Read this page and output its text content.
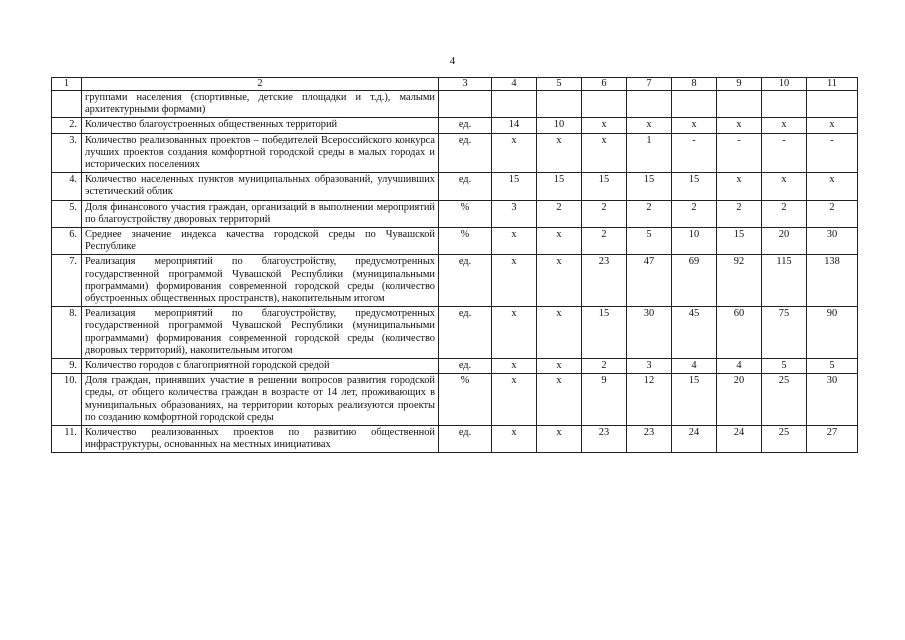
4
1	2	3	4	5	6	7	8	9	10	11
	группами населения (спортивные, детские площадки и т.д.), малыми архитектурными формами)									
2.	Количество благоустроенных общественных территорий	ед.	14	10	х	х	х	х	х	х
3.	Количество реализованных проектов – победителей Всероссийского конкурса лучших проектов создания комфортной городской среды в малых городах и исторических поселениях	ед.	х	х	х	1	-	-	-	-
4.	Количество населенных пунктов муниципальных образований, улучшивших эстетический облик	ед.	15	15	15	15	15	х	х	х
5.	Доля финансового участия граждан, организаций в выполнении мероприятий по благоустройству дворовых территорий	%	3	2	2	2	2	2	2	2
6.	Среднее значение индекса качества городской среды по Чувашской Республике	%	х	х	2	5	10	15	20	30
7.	Реализация мероприятий по благоустройству, предусмотренных государственной программой Чувашской Республики (муниципальными программами) формирования современной городской среды (количество обустроенных общественных пространств), накопительным итогом	ед.	х	х	23	47	69	92	115	138
8.	Реализация мероприятий по благоустройству, предусмотренных государственной программой Чувашской Республики (муниципальными программами) формирования современной городской среды (количество дворовых территорий), накопительным итогом	ед.	х	х	15	30	45	60	75	90
9.	Количество городов с благоприятной городской средой	ед.	х	х	2	3	4	4	5	5
10.	Доля граждан, принявших участие в решении вопросов развития городской среды, от общего количества граждан в возрасте от 14 лет, проживающих в муниципальных образованиях, на территории которых реализуются проекты по созданию комфортной городской среды	%	х	х	9	12	15	20	25	30
11.	Количество реализованных проектов по развитию общественной инфраструктуры, основанных на местных инициативах	ед.	х	х	23	23	24	24	25	27
